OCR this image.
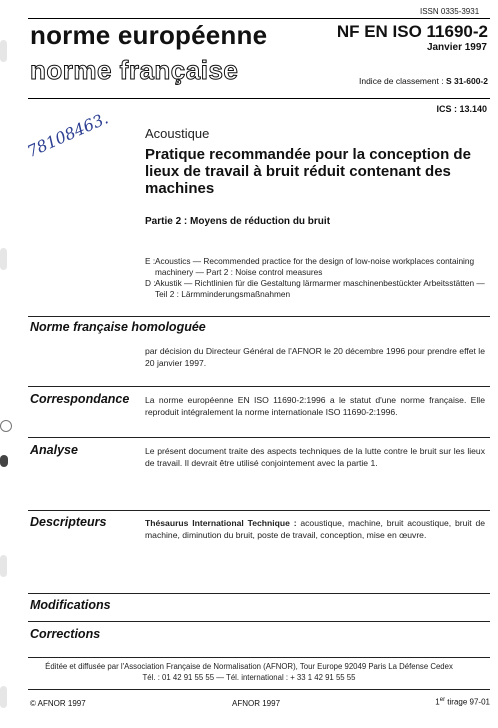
ISSN 0335-3931
norme européenne
norme française
NF EN ISO 11690-2
Janvier 1997
Indice de classement : S 31-600-2
ICS : 13.140
78108463.	Acoustique
Pratique recommandée pour la conception de lieux de travail à bruit réduit contenant des machines
Partie 2 : Moyens de réduction du bruit
E : Acoustics — Recommended practice for the design of low-noise workplaces containing machinery — Part 2 : Noise control measures
D : Akustik — Richtlinien für die Gestaltung lärmarmer maschinenbestückter Arbeitsstätten — Teil 2 : Lärmminderungsmaßnahmen
Norme française homologuée
par décision du Directeur Général de l'AFNOR le 20 décembre 1996 pour prendre effet le 20 janvier 1997.
Correspondance La norme européenne EN ISO 11690-2:1996 a le statut d'une norme française. Elle reproduit intégralement la norme internationale ISO 11690-2:1996.
Analyse	Le présent document traite des aspects techniques de la lutte contre le bruit sur les lieux de travail. Il devrait être utilisé conjointement avec la partie 1.
Descripteurs	Thésaurus International Technique : acoustique, machine, bruit acoustique, bruit de machine, diminution du bruit, poste de travail, conception, mise en œuvre.
Modifications
Corrections
Éditée et diffusée par l'Association Française de Normalisation (AFNOR), Tour Europe 92049 Paris La Défense Cedex
Tél. : 01 42 91 55 55 — Tél. international : + 33 1 42 91 55 55
© AFNOR 1997	AFNOR 1997	1er tirage 97-01
